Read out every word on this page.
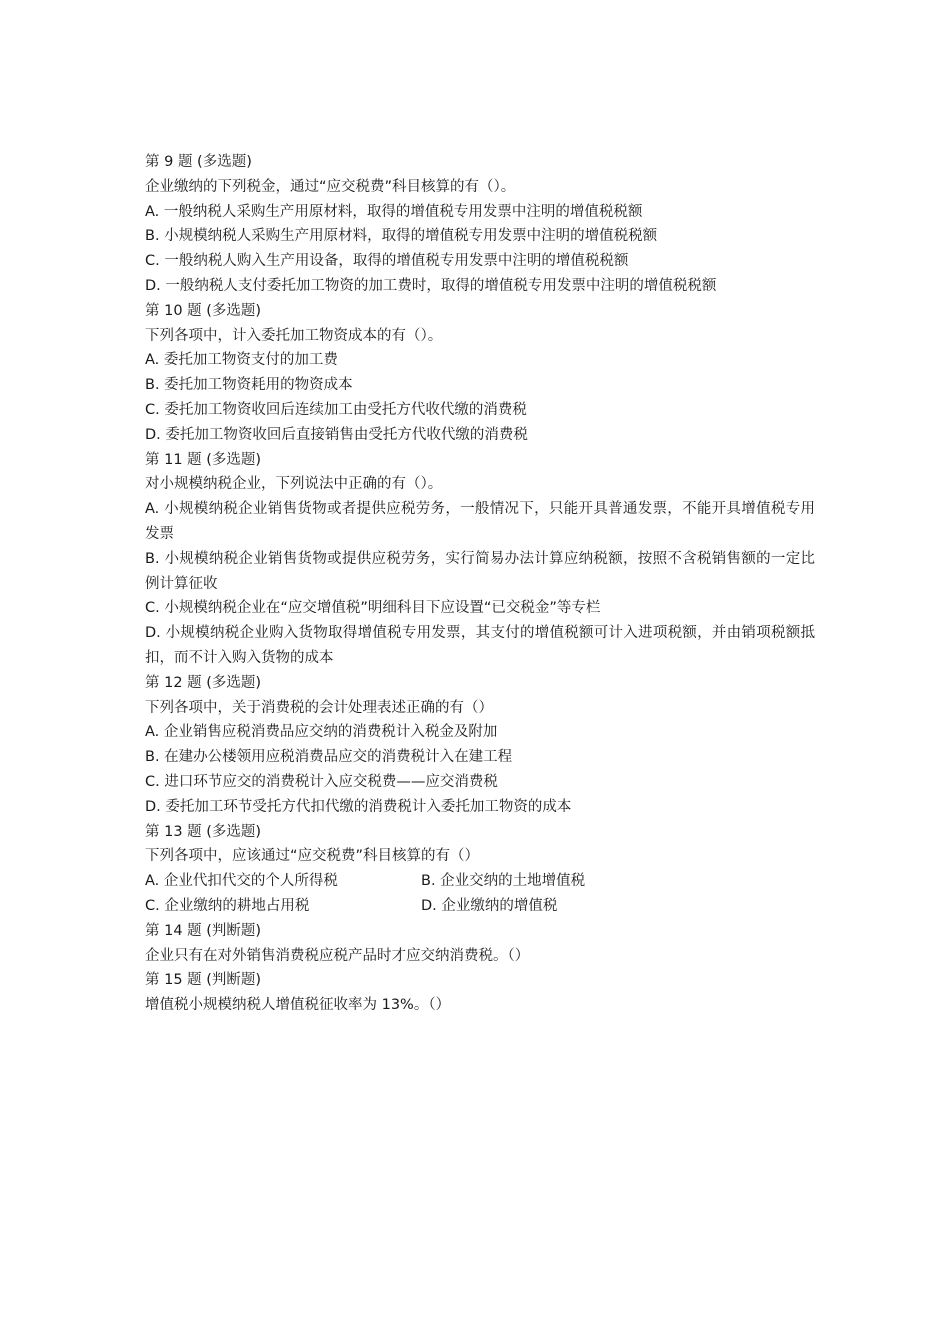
第 9 题 (多选题)
企业缴纳的下列税金，通过“应交税费”科目核算的有（）。
A. 一般纳税人采购生产用原材料，取得的增值税专用发票中注明的增值税税额
B. 小规模纳税人采购生产用原材料，取得的增值税专用发票中注明的增值税税额
C. 一般纳税人购入生产用设备，取得的增值税专用发票中注明的增值税税额
D. 一般纳税人支付委托加工物资的加工费时，取得的增值税专用发票中注明的增值税税额
第 10 题 (多选题)
下列各项中，计入委托加工物资成本的有（）。
A. 委托加工物资支付的加工费
B. 委托加工物资耗用的物资成本
C. 委托加工物资收回后连续加工由受托方代收代缴的消费税
D. 委托加工物资收回后直接销售由受托方代收代缴的消费税
第 11 题 (多选题)
对小规模纳税企业，下列说法中正确的有（）。
A. 小规模纳税企业销售货物或者提供应税劳务，一般情况下，只能开具普通发票，不能开具增值税专用发票
B. 小规模纳税企业销售货物或提供应税劳务，实行简易办法计算应纳税额，按照不含税销售额的一定比例计算征收
C. 小规模纳税企业在“应交增值税”明细科目下应设置“已交税金”等专栏
D. 小规模纳税企业购入货物取得增值税专用发票，其支付的增值税额可计入进项税额，并由销项税额抵扣，而不计入购入货物的成本
第 12 题 (多选题)
下列各项中，关于消费税的会计处理表述正确的有（）
A. 企业销售应税消费品应交纳的消费税计入税金及附加
B. 在建办公楼领用应税消费品应交的消费税计入在建工程
C. 进口环节应交的消费税计入应交税费——应交消费税
D. 委托加工环节受托方代扣代缴的消费税计入委托加工物资的成本
第 13 题 (多选题)
下列各项中，应该通过“应交税费”科目核算的有（）
A. 企业代扣代交的个人所得税	B. 企业交纳的土地增值税
C. 企业缴纳的耕地占用税	D. 企业缴纳的增值税
第 14 题 (判断题)
企业只有在对外销售消费税应税产品时才应交纳消费税。（）
第 15 题 (判断题)
增值税小规模纳税人增值税征收率为 13%。（）
